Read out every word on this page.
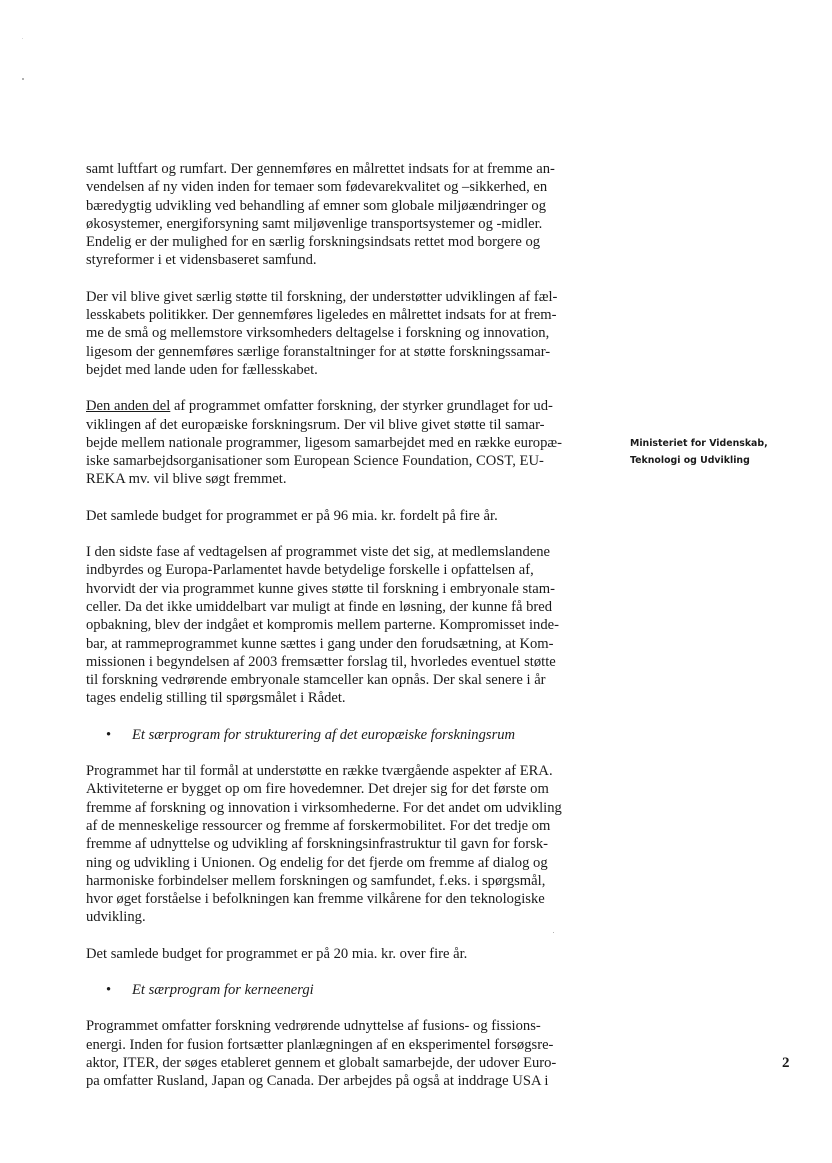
samt luftfart og rumfart. Der gennemføres en målrettet indsats for at fremme an-
vendelsen af ny viden inden for temaer som fødevarekvalitet og –sikkerhed, en
bæredygtig udvikling ved behandling af emner som globale miljøændringer og
økosystemer, energiforsyning samt miljøvenlige transportsystemer og -midler.
Endelig er der mulighed for en særlig forskningsindsats rettet mod borgere og
styreformer i et vidensbaseret samfund.

Der vil blive givet særlig støtte til forskning, der understøtter udviklingen af fæl-
lesskabets politikker. Der gennemføres ligeledes en målrettet indsats for at frem-
me de små og mellemstore virksomheders deltagelse i forskning og innovation,
ligesom der gennemføres særlige foranstaltninger for at støtte forskningssamar-
bejdet med lande uden for fællesskabet.

Den anden del af programmet omfatter forskning, der styrker grundlaget for ud-
viklingen af det europæiske forskningsrum. Der vil blive givet støtte til samar-
bejde mellem nationale programmer, ligesom samarbejdet med en række europæ-
iske samarbejdsorganisationer som European Science Foundation, COST, EU-
REKA mv. vil blive søgt fremmet.

Det samlede budget for programmet er på 96 mia. kr. fordelt på fire år.

I den sidste fase af vedtagelsen af programmet viste det sig, at medlemslandene
indbyrdes og Europa-Parlamentet havde betydelige forskelle i opfattelsen af,
hvorvidt der via programmet kunne gives støtte til forskning i embryonale stam-
celler. Da det ikke umiddelbart var muligt at finde en løsning, der kunne få bred
opbakning, blev der indgået et kompromis mellem parterne. Kompromisset inde-
bar, at rammeprogrammet kunne sættes i gang under den forudsætning, at Kom-
missionen i begyndelsen af 2003 fremsætter forslag til, hvorledes eventuel støtte
til forskning vedrørende embryonale stamceller kan opnås. Der skal senere i år
tages endelig stilling til spørgsmålet i Rådet.

•	Et særprogram for strukturering af det europæiske forskningsrum

Programmet har til formål at understøtte en række tværgående aspekter af ERA.
Aktiviteterne er bygget op om fire hovedemner. Det drejer sig for det første om
fremme af forskning og innovation i virksomhederne. For det andet om udvikling
af de menneskelige ressourcer og fremme af forskermobilitet. For det tredje om
fremme af udnyttelse og udvikling af forskningsinfrastruktur til gavn for forsk-
ning og udvikling i Unionen. Og endelig for det fjerde om fremme af dialog og
harmoniske forbindelser mellem forskningen og samfundet, f.eks. i spørgsmål,
hvor øget forståelse i befolkningen kan fremme vilkårene for den teknologiske
udvikling.

Det samlede budget for programmet er på 20 mia. kr. over fire år.

•	Et særprogram for kerneenergi

Programmet omfatter forskning vedrørende udnyttelse af fusions- og fissions-
energi. Inden for fusion fortsætter planlægningen af en eksperimentel forsøgsre-
aktor, ITER, der søges etableret gennem et globalt samarbejde, der udover Euro-
pa omfatter Rusland, Japan og Canada. Der arbejdes på også at inddrage USA i

Ministeriet for Videnskab,
Teknologi og Udvikling
2
